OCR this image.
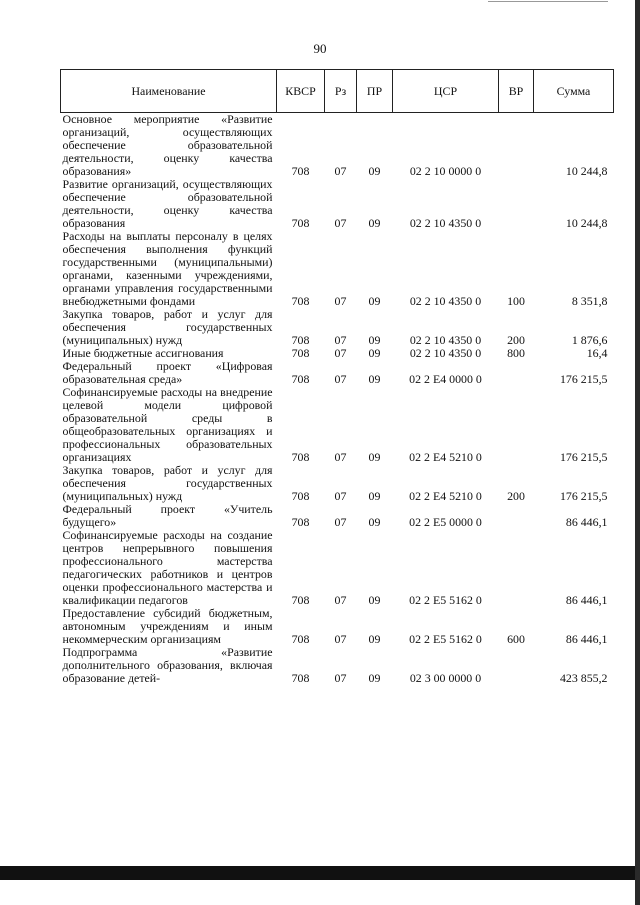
90
Наименование	КВСР	Рз	ПР	ЦСР	ВР	Сумма
Основное мероприятие «Развитие организаций, осуществляющих обеспечение образовательной деятельности, оценку качества образования»	708	07	09	02 2 10 0000 0		10 244,8
Развитие организаций, осуществляющих обеспечение образовательной деятельности, оценку качества образования	708	07	09	02 2 10 4350 0		10 244,8
Расходы на выплаты персоналу в целях обеспечения выполнения функций государственными (муниципальными) органами, казенными учреждениями, органами управления государственными внебюджетными фондами	708	07	09	02 2 10 4350 0	100	8 351,8
Закупка товаров, работ и услуг для обеспечения государственных (муниципальных) нужд	708	07	09	02 2 10 4350 0	200	1 876,6
Иные бюджетные ассигнования	708	07	09	02 2 10 4350 0	800	16,4
Федеральный проект «Цифровая образовательная среда»	708	07	09	02 2 E4 0000 0		176 215,5
Софинансируемые расходы на внедрение целевой модели цифровой образовательной среды в общеобразовательных организациях и профессиональных образовательных организациях	708	07	09	02 2 E4 5210 0		176 215,5
Закупка товаров, работ и услуг для обеспечения государственных (муниципальных) нужд	708	07	09	02 2 E4 5210 0	200	176 215,5
Федеральный проект «Учитель будущего»	708	07	09	02 2 E5 0000 0		86 446,1
Софинансируемые расходы на создание центров непрерывного повышения профессионального мастерства педагогических работников и центров оценки профессионального мастерства и квалификации педагогов	708	07	09	02 2 E5 5162 0		86 446,1
Предоставление субсидий бюджетным, автономным учреждениям и иным некоммерческим организациям	708	07	09	02 2 E5 5162 0	600	86 446,1
Подпрограмма «Развитие дополнительного образования, включая образование детей-	708	07	09	02 3 00 0000 0		423 855,2
